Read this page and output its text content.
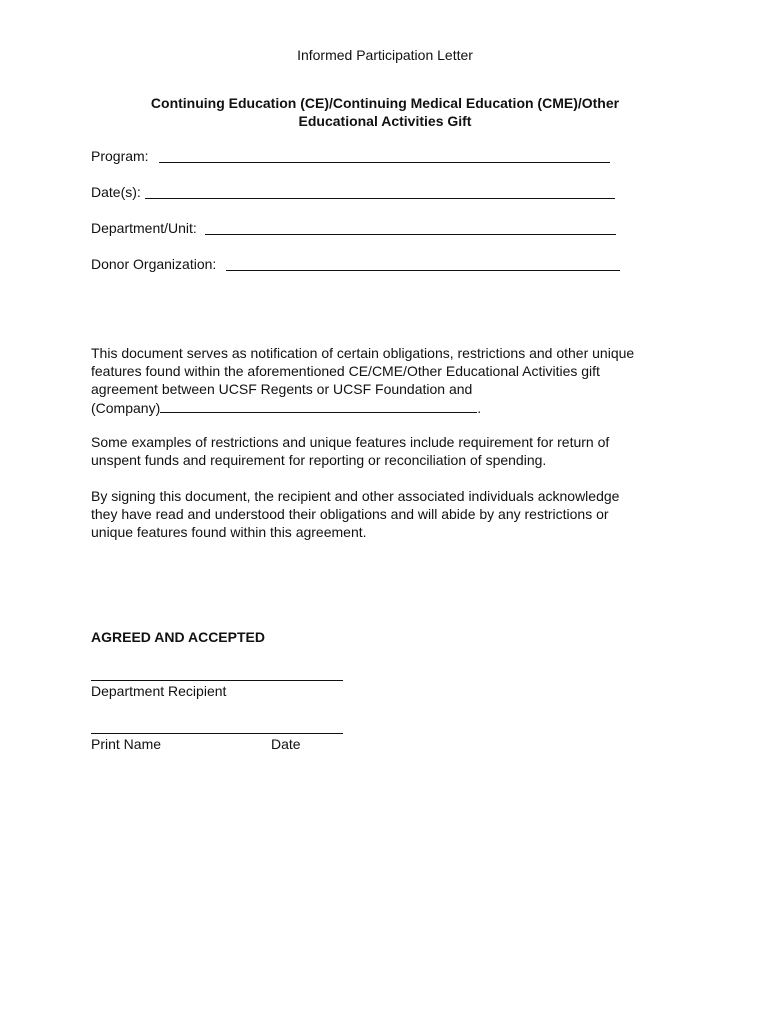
Informed Participation Letter
Continuing Education (CE)/Continuing Medical Education (CME)/Other
Educational Activities Gift
Program:
Date(s):
Department/Unit:
Donor Organization:
This document serves as notification of certain obligations, restrictions and other unique
features found within the aforementioned CE/CME/Other Educational Activities gift
agreement between UCSF Regents or UCSF Foundation and
(Company)	.
Some examples of restrictions and unique features include requirement for return of
unspent funds and requirement for reporting or reconciliation of spending.
By signing this document, the recipient and other associated individuals acknowledge
they have read and understood their obligations and will abide by any restrictions or
unique features found within this agreement.
AGREED AND ACCEPTED
Department Recipient
Print Name	Date
